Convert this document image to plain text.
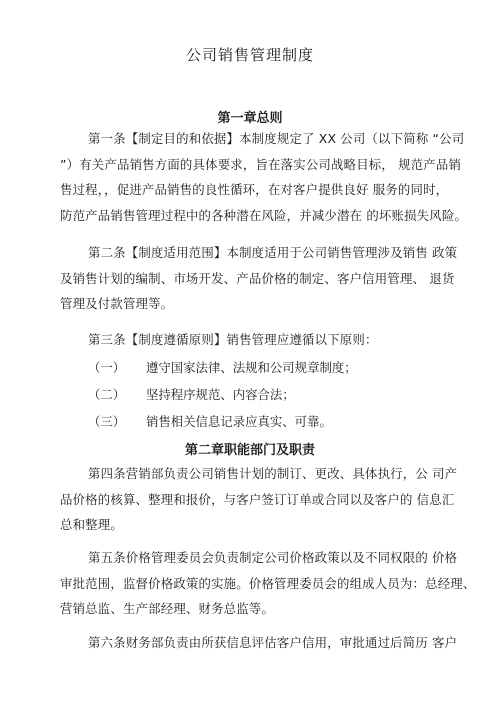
公司销售管理制度
第一章总则
第一条【制定目的和依据】本制度规定了 XX 公司（以下简称 “公司
”）有关产品销售方面的具体要求，旨在落实公司战略目标， 规范产品销
售过程，，促进产品销售的良性循环，在对客户提供良好 服务的同时，
防范产品销售管理过程中的各种潜在风险，并减少潜在 的坏账损失风险。
第二条【制度适用范围】本制度适用于公司销售管理涉及销售 政策
及销售计划的编制、市场开发、产品价格的制定、客户信用管理、 退货
管理及付款管理等。
第三条【制度遵循原则】销售管理应遵循以下原则：
（一） 遵守国家法律、法规和公司规章制度；
（二） 坚持程序规范、内容合法；
（三） 销售相关信息记录应真实、可靠。
第二章职能部门及职责
第四条营销部负责公司销售计划的制订、更改、具体执行，公 司产
品价格的核算、整理和报价，与客户签订订单或合同以及客户的 信息汇
总和整理。
第五条价格管理委员会负责制定公司价格政策以及不同权限的 价格
审批范围，监督价格政策的实施。价格管理委员会的组成人员为：总经理、
营销总监、生产部经理、财务总监等。
第六条财务部负责由所获信息评估客户信用，审批通过后简历 客户
